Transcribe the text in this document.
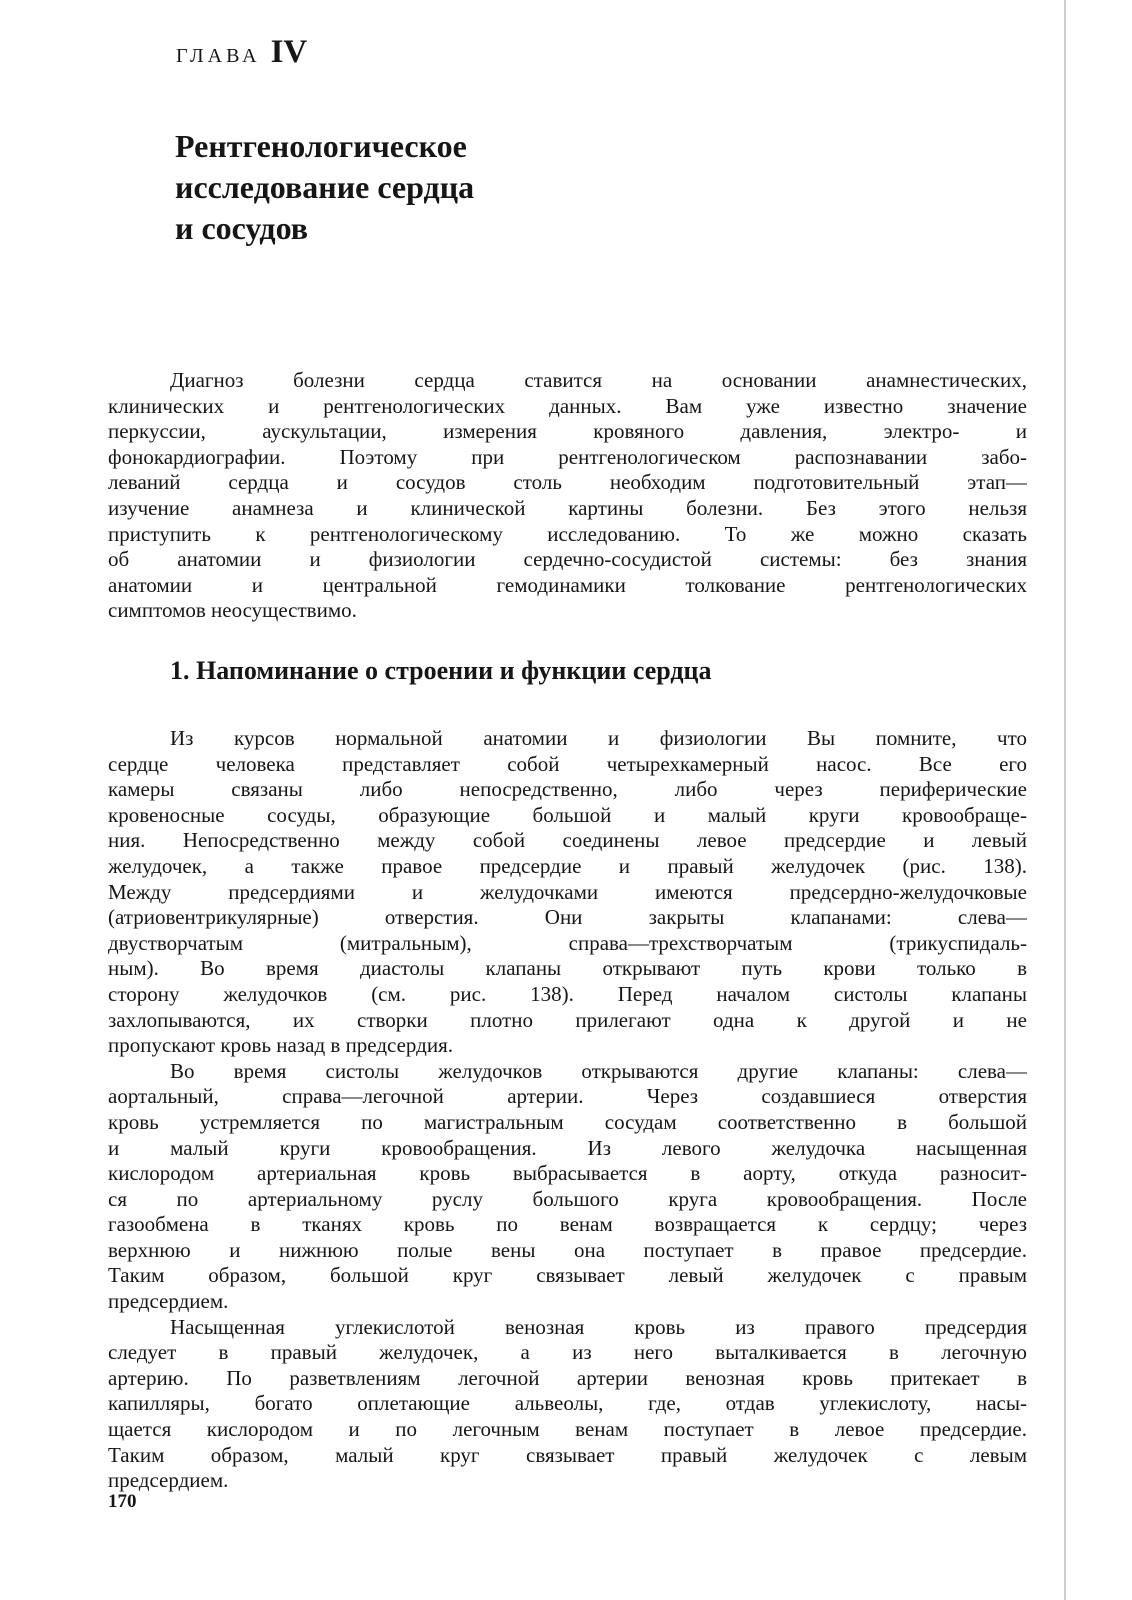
ГЛАВА IV
Рентгенологическое
исследование сердца
и сосудов

Диагноз болезни сердца ставится на основании анамнестических,
клинических и рентгенологических данных. Вам уже известно значение
перкуссии, аускультации, измерения кровяного давления, электро- и
фонокардиографии. Поэтому при рентгенологическом распознавании забо-
леваний сердца и сосудов столь необходим подготовительный этап—
изучение анамнеза и клинической картины болезни. Без этого нельзя
приступить к рентгенологическому исследованию. То же можно сказать
об анатомии и физиологии сердечно-сосудистой системы: без знания
анатомии и центральной гемодинамики толкование рентгенологических
симптомов неосуществимо.

1. Напоминание о строении и функции сердца

Из курсов нормальной анатомии и физиологии Вы помните, что
сердце человека представляет собой четырехкамерный насос. Все его
камеры связаны либо непосредственно, либо через периферические
кровеносные сосуды, образующие большой и малый круги кровообраще-
ния. Непосредственно между собой соединены левое предсердие и левый
желудочек, а также правое предсердие и правый желудочек (рис. 138).
Между предсердиями и желудочками имеются предсердно-желудочковые
(атриовентрикулярные) отверстия. Они закрыты клапанами: слева—
двустворчатым (митральным), справа—трехстворчатым (трикуспидаль-
ным). Во время диастолы клапаны открывают путь крови только в
сторону желудочков (см. рис. 138). Перед началом систолы клапаны
захлопываются, их створки плотно прилегают одна к другой и не
пропускают кровь назад в предсердия.

Во время систолы желудочков открываются другие клапаны: слева—
аортальный, справа—легочной артерии. Через создавшиеся отверстия
кровь устремляется по магистральным сосудам соответственно в большой
и малый круги кровообращения. Из левого желудочка насыщенная
кислородом артериальная кровь выбрасывается в аорту, откуда разносит-
ся по артериальному руслу большого круга кровообращения. После
газообмена в тканях кровь по венам возвращается к сердцу; через
верхнюю и нижнюю полые вены она поступает в правое предсердие.
Таким образом, большой круг связывает левый желудочек с правым
предсердием.

Насыщенная углекислотой венозная кровь из правого предсердия
следует в правый желудочек, а из него выталкивается в легочную
артерию. По разветвлениям легочной артерии венозная кровь притекает в
капилляры, богато оплетающие альвеолы, где, отдав углекислоту, насы-
щается кислородом и по легочным венам поступает в левое предсердие.
Таким образом, малый круг связывает правый желудочек с левым
предсердием.

170
